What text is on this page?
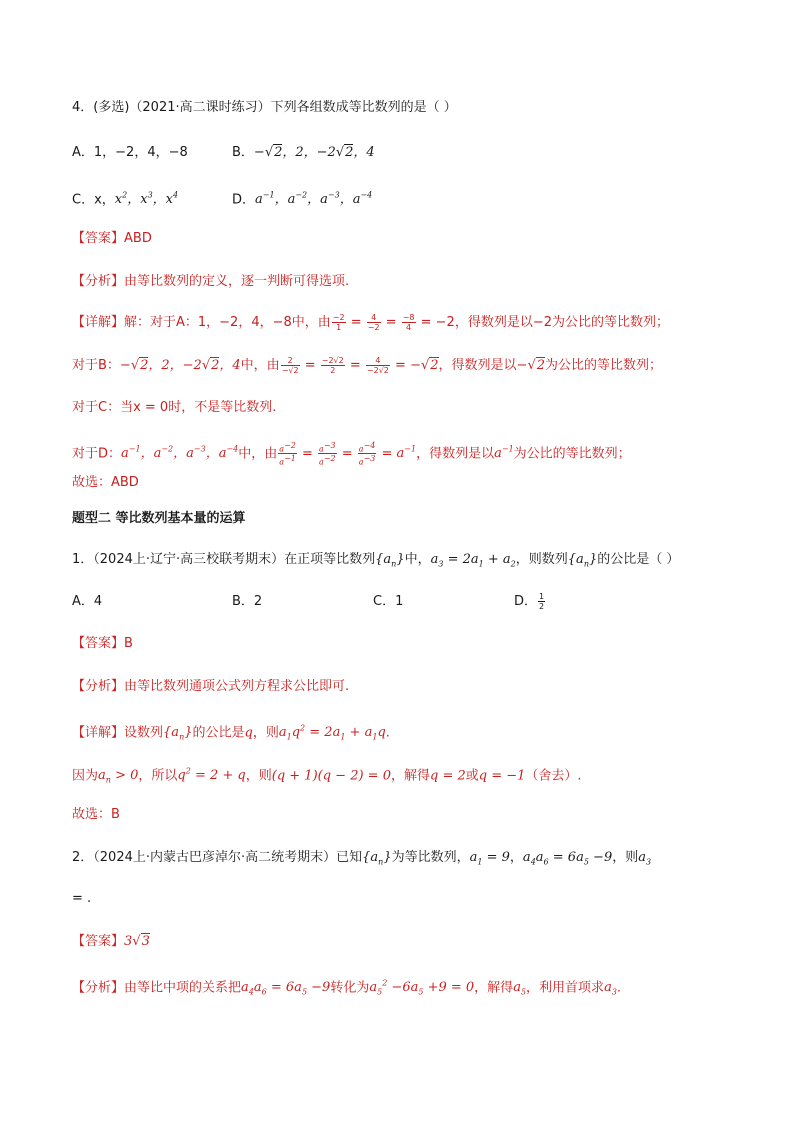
4．(多选)（2021·高二课时练习）下列各组数成等比数列的是（ ）
A．1，−2，4，−8	B．−√2，2，−2√2，4
C．x，$x^2$，$x^3$，$x^4$	D．$a^{-1}$，$a^{-2}$，$a^{-3}$，$a^{-4}$
【答案】ABD
【分析】由等比数列的定义，逐一判断可得选项.
【详解】解：对于A：1，−2，4，−8中，由 $\frac{-2}{1} = \frac{4}{-2} = \frac{-8}{4} = -2$，得数列是以−2为公比的等比数列；
对于B：−√2，2，−2√2，4中，由 $\frac{2}{-√2} = \frac{-2√2}{2} = \frac{4}{-2√2} = -√2$，得数列是以−√2为公比的等比数列；
对于C：当x = 0时，不是等比数列.
对于D：$a^{-1}$，$a^{-2}$，$a^{-3}$，$a^{-4}$中，由 $\frac{a^{-2}}{a^{-1}} = \frac{a^{-3}}{a^{-2}} = \frac{a^{-4}}{a^{-3}} = a^{-1}$，得数列是以$a^{-1}$为公比的等比数列；
故选：ABD
题型二 等比数列基本量的运算
1．（2024上·辽宁·高三校联考期末）在正项等比数列$\{a_n\}$中，$a_3 = 2a_1 + a_2$，则数列$\{a_n\}$的公比是（ ）
A．4	B．2	C．1	D． $\frac{1}{2}$
【答案】B
【分析】由等比数列通项公式列方程求公比即可.
【详解】设数列$\{a_n\}$的公比是q，则$a_1q^2 = 2a_1 + a_1q$.
因为$a_n > 0$，所以$q^2 = 2 + q$，则(q + 1)(q − 2) = 0，解得q = 2或q = −1（舍去）.
故选：B
2．（2024上·内蒙古巴彦淖尔·高二统考期末）已知$\{a_n\}$为等比数列，$a_1 = 9$，$a_4a_6 = 6a_5 -9$，则$a_3$
= .
【答案】3√3
【分析】由等比中项的关系把$a_4a_6 = 6a_5 -9$转化为$a_5^2 -6a_5 +9 = 0$，解得$a_5$，利用首项求$a_3$.
